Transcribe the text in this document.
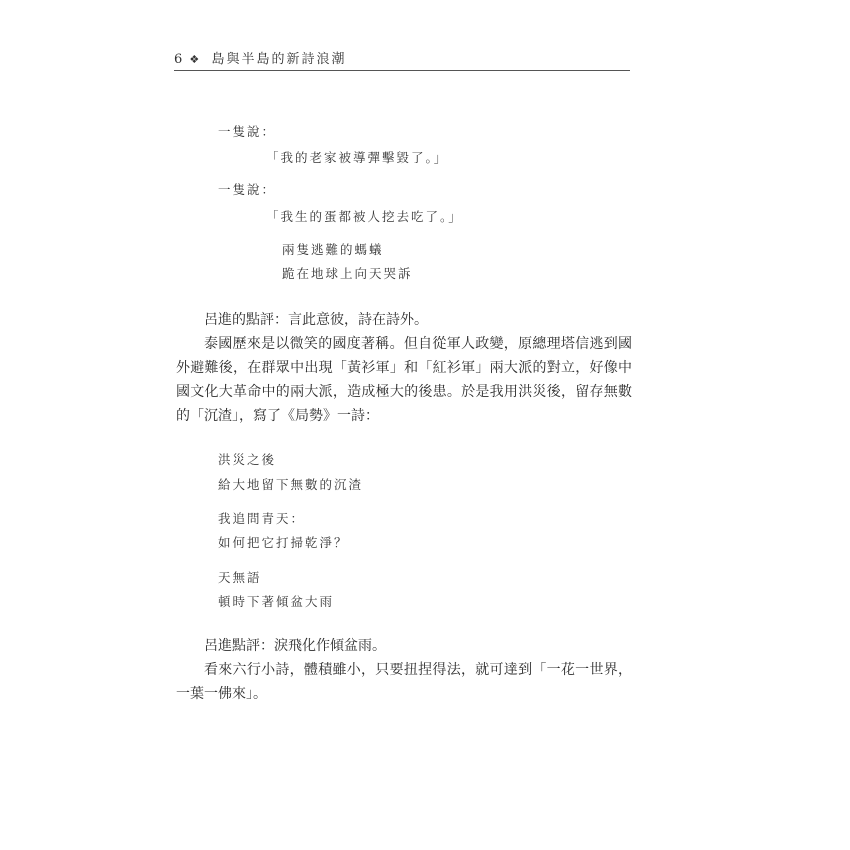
6 ❖ 島與半島的新詩浪潮
一隻說：
「我的老家被導彈擊毀了。」
一隻說：
「我生的蛋都被人挖去吃了。」
兩隻逃難的螞蟻
跪在地球上向天哭訴

呂進的點評：言此意彼，詩在詩外。

泰國歷來是以微笑的國度著稱。但自從軍人政變，原總理塔信逃到國外避難後，在群眾中出現「黃衫軍」和「紅衫軍」兩大派的對立，好像中國文化大革命中的兩大派，造成極大的後患。於是我用洪災後，留存無數的「沉渣」，寫了《局勢》一詩：

洪災之後
給大地留下無數的沉渣
我追問青天：
如何把它打掃乾淨？
天無語
頓時下著傾盆大雨

呂進點評：淚飛化作傾盆雨。

看來六行小詩，體積雖小，只要扭捏得法，就可達到「一花一世界，一葉一佛來」。
